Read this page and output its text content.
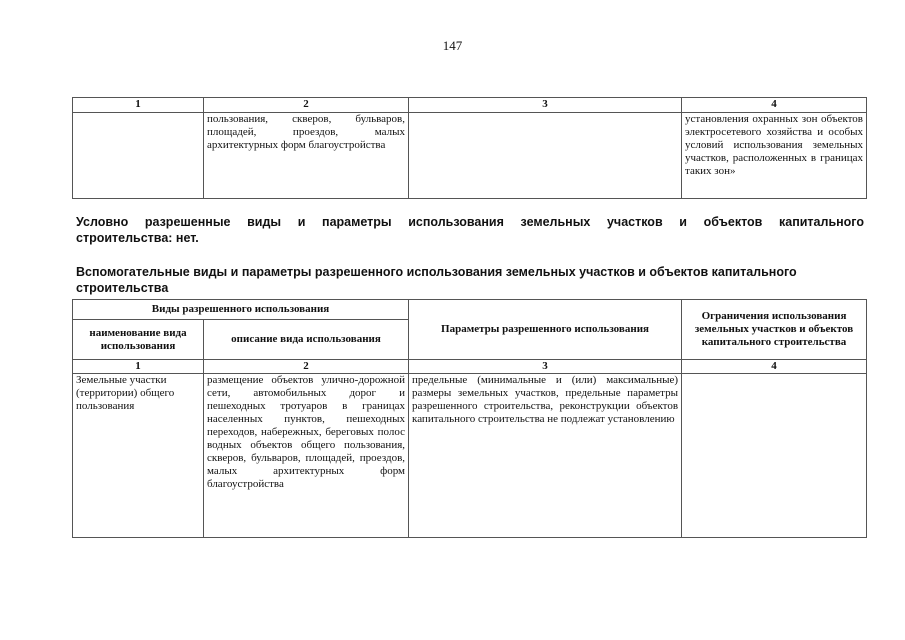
147
1	2	3	4
	пользования, скверов, бульваров, площадей, проездов, малых архитектурных форм благоустройства		установления охранных зон объектов электросетевого хозяйства и особых условий использования земельных участков, расположенных в границах таких зон»
Условно разрешенные виды и параметры использования земельных участков и объектов капитального
строительства: нет.
Вспомогательные виды и параметры разрешенного использования земельных участков и объектов капитального строительства
Виды разрешенного использования		Параметры разрешенного использования	Ограничения использования земельных участков и объектов капитального строительства
наименование вида использования	описание вида использования		
1	2	3	4
Земельные участки (территории) общего пользования	размещение объектов улично-дорожной сети, автомобильных дорог и пешеходных тротуаров в границах населенных пунктов, пешеходных переходов, набережных, береговых полос водных объектов общего пользования, скверов, бульваров, площадей, проездов, малых архитектурных форм благоустройства	предельные (минимальные и (или) максимальные) размеры земельных участков, предельные параметры разрешенного строительства, реконструкции объектов капитального строительства не подлежат установлению	
